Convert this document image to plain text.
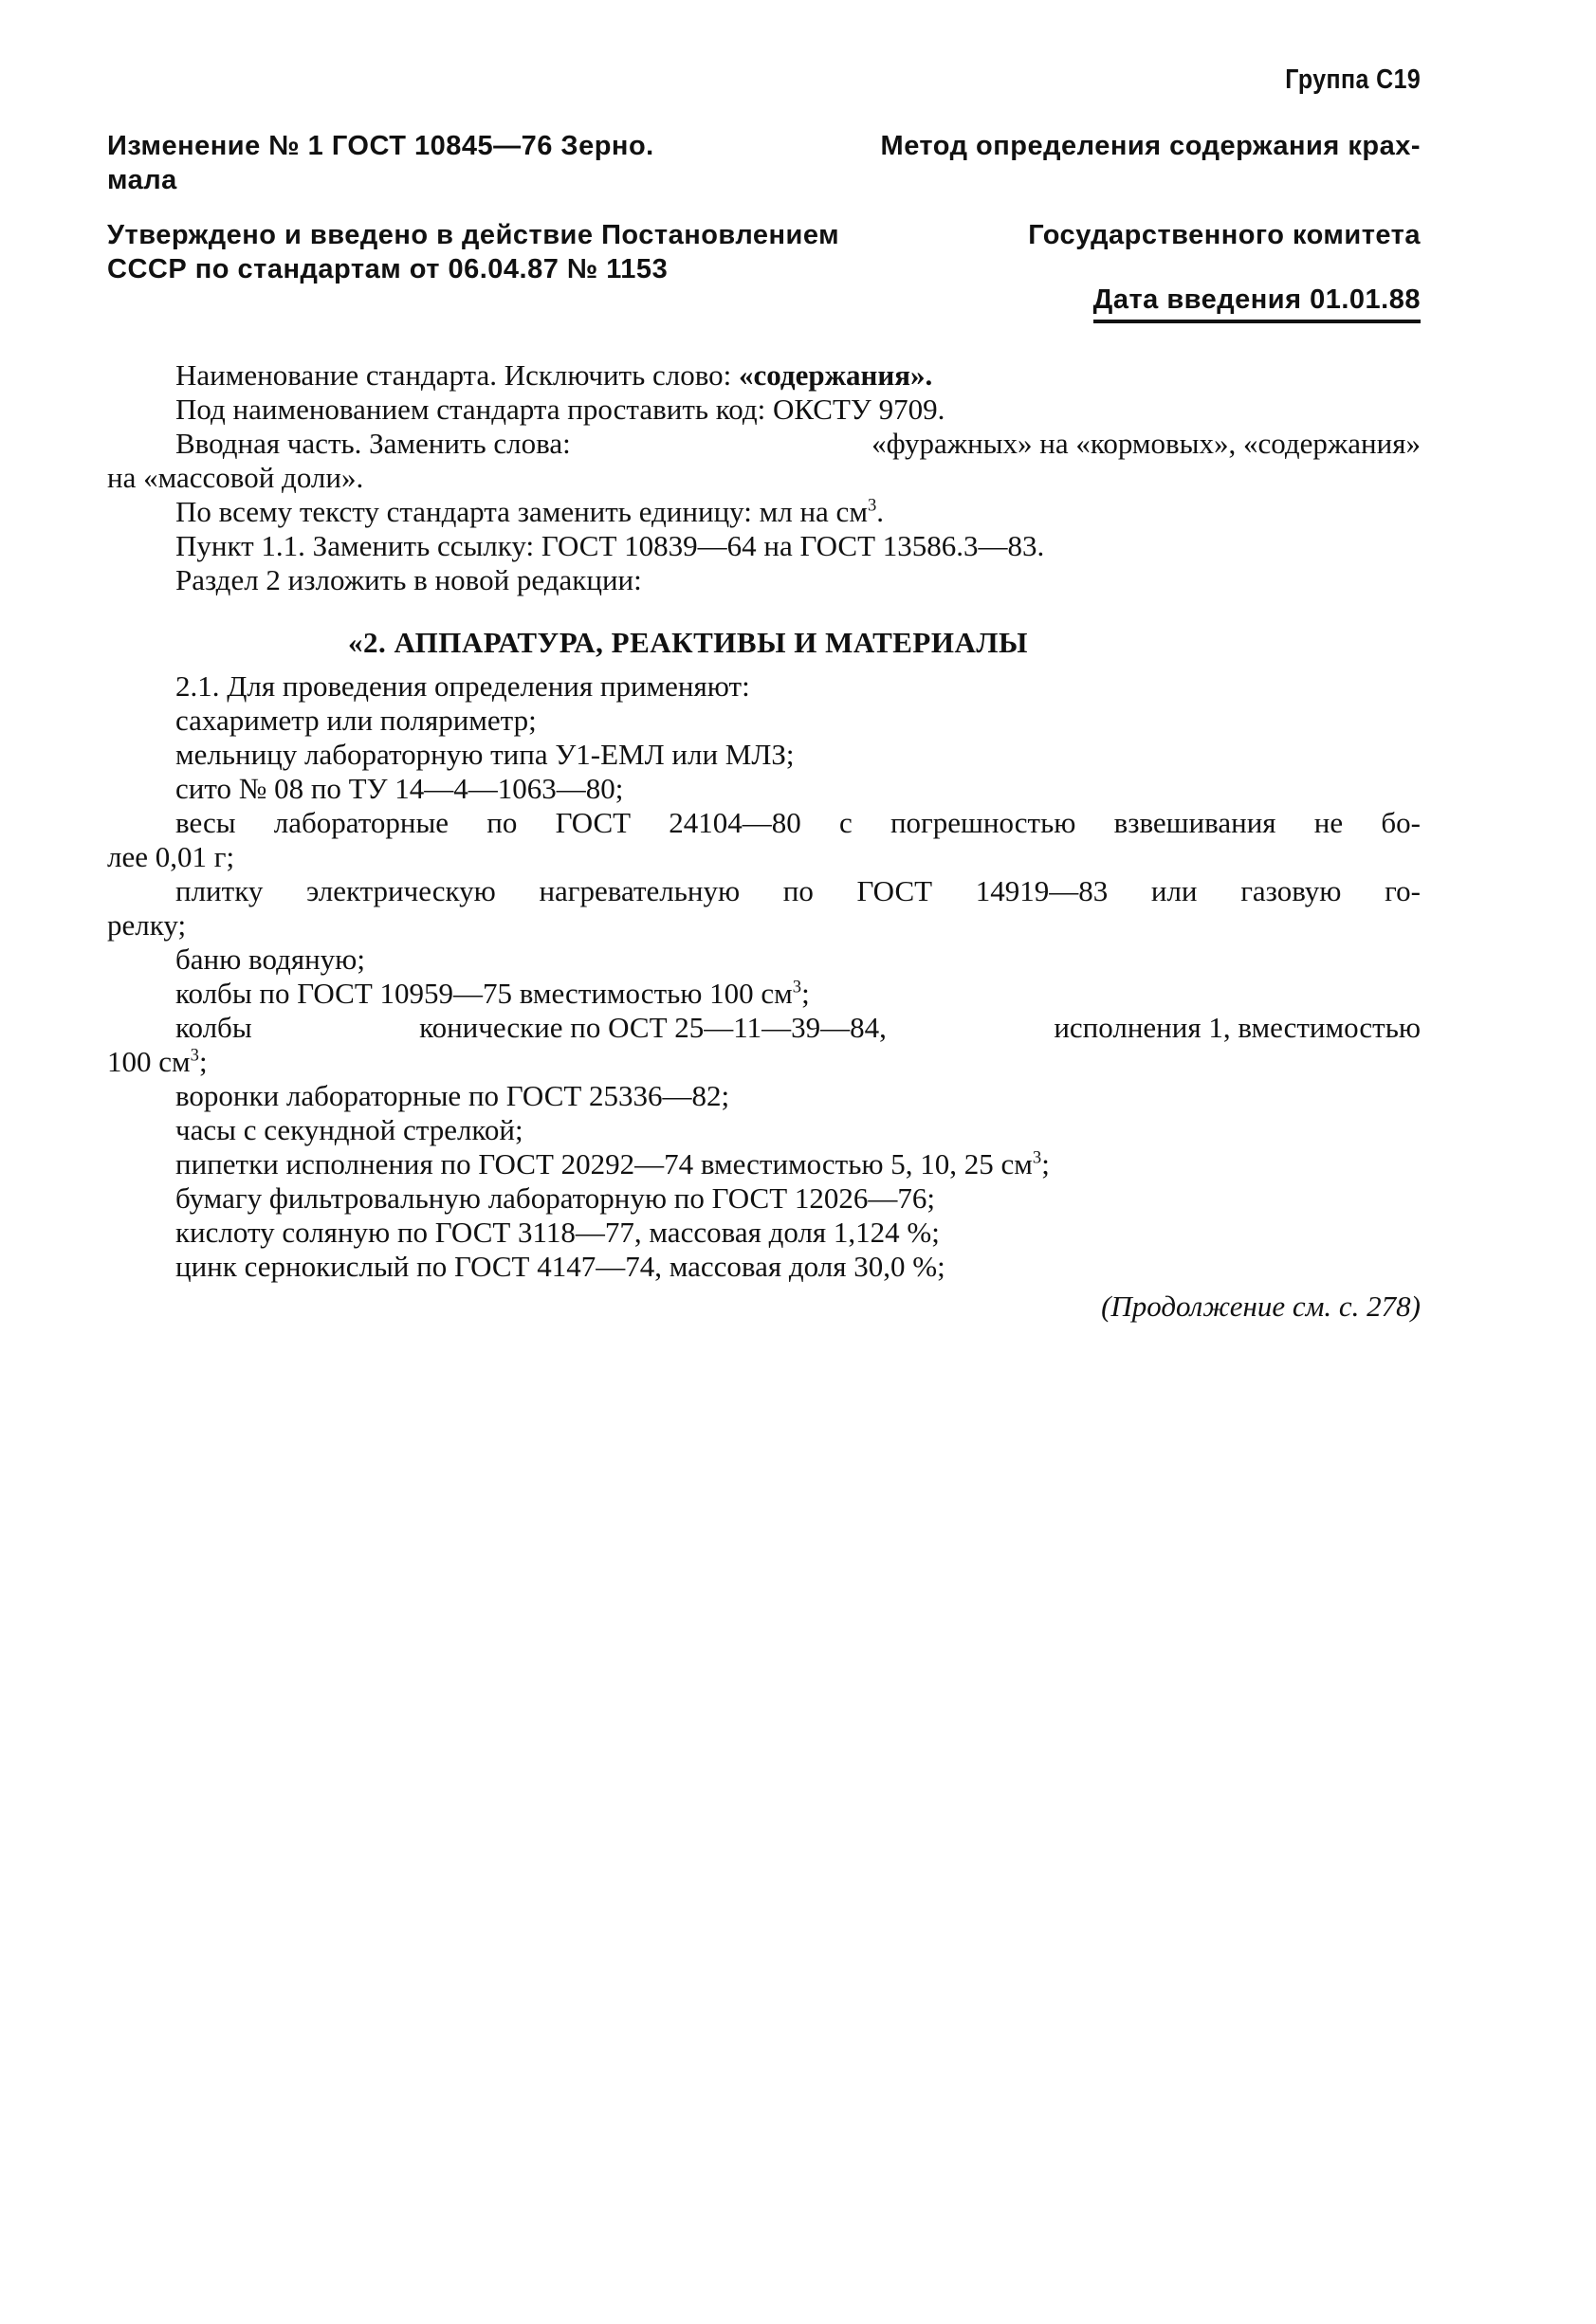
Группа С19
Изменение № 1 ГОСТ 10845—76 Зерно.	Метод определения содержания крах-
мала
Утверждено и введено в действие Постановлением	Государственного комитета
СССР по стандартам от 06.04.87 № 1153
Дата введения 01.01.88
Наименование стандарта. Исключить слово: «содержания».
Под наименованием стандарта проставить код: ОКСТУ 9709.
Вводная часть. Заменить слова:	«фуражных» на «кормовых», «содержания»
на «массовой доли».
По всему тексту стандарта заменить единицу: мл на $см^3$.
Пункт 1.1. Заменить ссылку: ГОСТ 10839—64 на ГОСТ 13586.3—83.
Раздел 2 изложить в новой редакции:
«2. АППАРАТУРА, РЕАКТИВЫ И МАТЕРИАЛЫ
2.1. Для проведения определения применяют:
сахариметр или поляриметр;
мельницу лабораторную типа У1-ЕМЛ или МЛЗ;
сито № 08 по ТУ 14—4—1063—80;
весы лабораторные по ГОСТ 24104—80 с погрешностью взвешивания не бо-
лее 0,01 г;
плитку электрическую нагревательную по ГОСТ 14919—83 или газовую го-
релку;
баню водяную;
колбы по ГОСТ 10959—75 вместимостью 100 $см^3$;
колбы	конические по ОСТ 25—11—39—84,	исполнения 1, вместимостью
100 $см^3$;
воронки лабораторные по ГОСТ 25336—82;
часы с секундной стрелкой;
пипетки исполнения по ГОСТ 20292—74 вместимостью 5, 10, 25 $см^3$;
бумагу фильтровальную лабораторную по ГОСТ 12026—76;
кислоту соляную по ГОСТ 3118—77, массовая доля 1,124 %;
цинк сернокислый по ГОСТ 4147—74, массовая доля 30,0 %;
(Продолжение см. с. 278)
